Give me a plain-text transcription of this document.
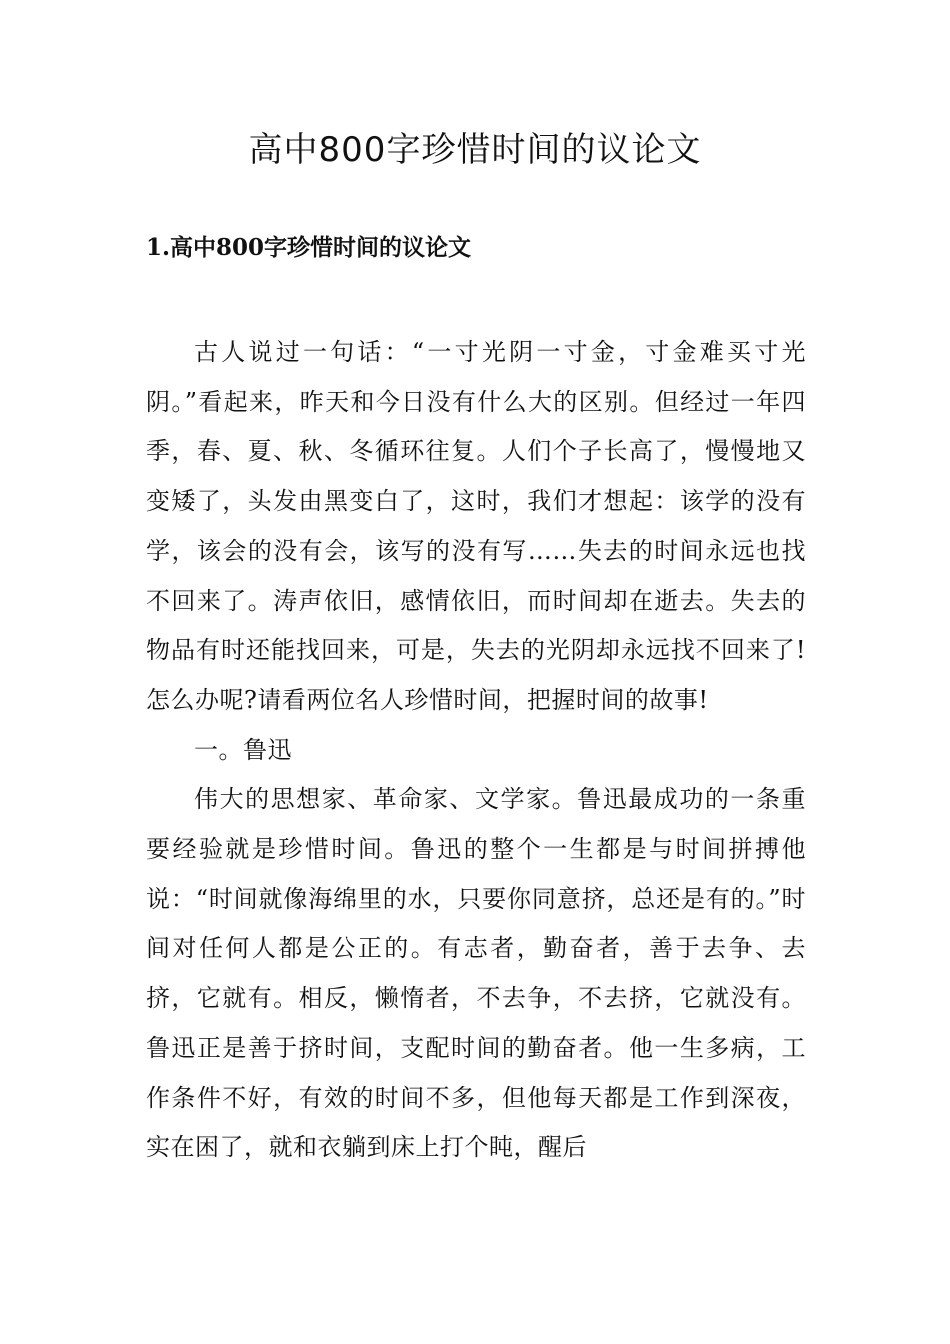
高中800字珍惜时间的议论文
1.高中800字珍惜时间的议论文

古人说过一句话：“一寸光阴一寸金，寸金难买寸光阴。”看起来，昨天和今日没有什么大的区别。但经过一年四季，春、夏、秋、冬循环往复。人们个子长高了，慢慢地又变矮了，头发由黑变白了，这时，我们才想起：该学的没有学，该会的没有会，该写的没有写……失去的时间永远也找不回来了。涛声依旧，感情依旧，而时间却在逝去。失去的物品有时还能找回来，可是，失去的光阴却永远找不回来了!怎么办呢?请看两位名人珍惜时间，把握时间的故事!

一。鲁迅

伟大的思想家、革命家、文学家。鲁迅最成功的一条重要经验就是珍惜时间。鲁迅的整个一生都是与时间拼搏他说：“时间就像海绵里的水，只要你同意挤，总还是有的。”时间对任何人都是公正的。有志者，勤奋者，善于去争、去挤，它就有。相反，懒惰者，不去争，不去挤，它就没有。鲁迅正是善于挤时间，支配时间的勤奋者。他一生多病，工作条件不好，有效的时间不多，但他每天都是工作到深夜，实在困了，就和衣躺到床上打个盹，醒后
